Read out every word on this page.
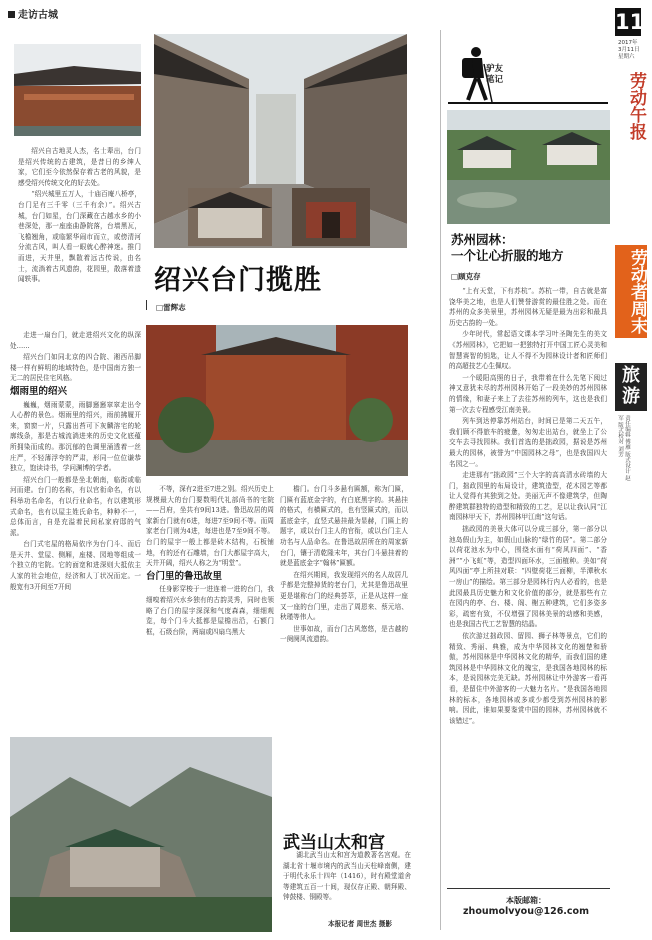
走访古城	11
2017年
3月11日
星期六
劳动午报
劳动者周末
旅游
责任编辑 傅雁 版式设计 赵军 版式校对 刘芳

绍兴自古地灵人杰，名士辈出，台门是绍兴传统的古建筑，是昔日的乡绅人家，它们至今依然保存着古老的风貌，是感受绍兴传统文化的好去处。

“绍兴城里五万人，十庙百庵八桥亭，台门足有三千零（三千有余）”。绍兴古城，台门如星，台门深藏在古越水乡的小巷深处，那一座座曲静院落，台墙黑瓦，飞檐翘角，或临繁华闹市而立，或傍清河分流古风，叫人看一眼就心醉神迷。推门而进，天井里，飘散着远古传说，由名士，流淌着古风遗韵，花园里，散落着遗闻轶事。	绍兴台门揽胜
□雷辉志

走进一扇台门，就走进绍兴文化的纵深处……

绍兴台门如同北京的四合院、湘西吊脚楼一样有鲜明的地域特色，是中国南方独一无二的居民住宅风格。

烟雨里的绍兴

巍巍，烟雨蒙蒙，雨脚窸窸窣窣走出令人心醉的景色。烟雨里的绍兴，雨前拂履开来，窗窗一片，只露出苔可下灰麟溶宅的轮廓线条，那是古城流淌进来的历史文化底蕴所拥染而成的。那沉郁的色调里涌透着一丝庄严，不轻薄浮夸的严肃，形同一位位谦恭独立，饱读诗书，学问渊博的学者。

绍兴台门一般都是坐北朝南，临街或临河而建。台门的名称，有以官衔命名，有以科举功名命名，有以行业命名，有以建筑形式命名，也有以屋主姓氏命名，种种不一，总体而言，自是充溢着民间私家府邸的气派。

台门式宅屋的格局依序为台门斗、而后是天井、堂屋、侧厢，座楼、园地等组成一个独立的宅院。它的面宽和进深则大抵依主人家的社会地位，经济和人丁状况而定。一般宽有3开间至7开间

不等，深有2进至7进之别。绍兴历史上规模最大的台门要数明代礼部尚书的宅院——吕府，坐共有9间13进。鲁迅故居的周家新台门就有6进，每进7至9间不等。而周家老台门则为4进，每进也是7至9间不等。台门的屋宇一般上都是砖木结构，石板铺地，有的还有石雕墙，台门大都屋宇高大，天井开阔，绍兴人称之为“明堂”。

台门里的鲁迅故里

任身影穿梭于一进连着一进的台门，我细嗅着绍兴水乡独有的古韵灵秀，同时也领略了台门的屋宇深深和气度森森，细细观览，每个门斗大抵都是屋檐出沿，石额门框，石级台阶，两扇或四扇乌黑大

檐门。台门斗多悬有匾额，称为门匾，门匾有蓝底金字的，有白底黑字的。其悬挂的格式，有横匾式的，也有竖匾式的，而以蓝底金字，直竖式悬挂最为显赫，门匾上的题字，或以台门主人的官衔，或以台门主人功名与人品命名。在鲁迅故居所在的周家新台门，镶于清乾隆末年，其台门斗悬挂着的就是蓝底金字“翰林”匾额。

在绍兴期间，我发现绍兴的名人故居几乎都是完整掉货的老台门，尤其是鲁迅故里更是堪称台门的经典荟萃，正是从这样一座又一座的台门里，走出了周恩来、蔡元培、秋瑾等伟人。

世事如故，而台门古风悠悠，是古越的一阕阕风流遗韵。

武当山太和宫
湖北武当山太和宫为道教著名宫观。在湖北省十堰市境内的武当山天柱峰南侧，建于明代永乐十四年（1416），时有殿堂道舍等建筑五百一十间，现仅存正殿、朝拜殿、钟鼓楼、铜殿等。
本报记者 周世杰 摄影
驴友
笔记
苏州园林：
一个让心折服的地方
□顾克存

“上有天堂，下有苏杭”。苏杭一带，自古就是富饶华美之地，也是人们赞誉游赏的最佳胜之处。而在苏州的众多美景里，苏州园林无疑是最为出彩和最具历史古韵的一处。

少年时代，常起语文课本学习叶圣陶先生的美文《苏州园林》，它把如一把独特打开中国工匠心灵美和智慧赛智的钥匙，让人不得不为园林设计者和匠师们的高超技艺心生佩叹。

一个暖阳高照的日子，我带着在什么先笔下阅过神又意犹未尽的苏州园林开始了一段美妙的苏州园林的情缘，和妻子来上了去往苏州的列车，这也是我们第一次去专程感受江南美景。

列车到达停靠苏州站台，时间已是第二天五午，我们顾不得旅车的疲惫，匆匆走出站台，就坐上了公交车去寻找园林。我们首选的是拙政园，据说是苏州最大的园林，被誉为“中国园林之母”，也是我国四大名园之一。

走进那有“拙政园”三个大字的高高清水砖墙的大门，拙政园里的布局设计，建筑造型，花木园艺等都让人觉得有其独到之处。美丽无声不像建筑学，但陶醉建筑群独特的造型和精致的工艺，足以让我认同“江南园林甲天下，苏州园林甲江南”这句话。

拙政园的美景大体可以分成三部分，第一部分以池岛假山为主，如假山山脉的“绿竹的居”。第二部分以荷花池水为中心，围绕水面有“荷风四面”、“香洲”“小飞虹”等，造型四面环水，三面植种。美如“荷风四面”亭上所挂对联：“四壁荷花三面柳，半潭秋水一房山”的描绘。第三部分是园林行内人必看的，也是此园最具历史魅力和文化价值的部分，就是那些有立在园内的亭、台、楼、阁、榭五种建筑，它们多姿多彩，疏密有致，不仅增强了园林美景的动感和美感，也是我国古代工艺智慧的结晶。

依次游过拙政园、留园、狮子林等景点，它们的精致、秀丽、典雅，成为中华园林文化的翘楚和骄傲，苏州园林是中华园林文化的精华，而我们国的建筑园林是中华园林文化的瑰宝，是我国各地园林的标本，是说园林完美无缺。苏州园林让中外游客一看再看，是留住中外游客的一大魅力名片。“是我国各地园林的标本，各地园林或多或少都受到苏州园林的影响。因此，谁如果要鉴赏中国的园林，苏州园林就不该错过”。

本版邮箱：
zhoumolvyou@126.com
